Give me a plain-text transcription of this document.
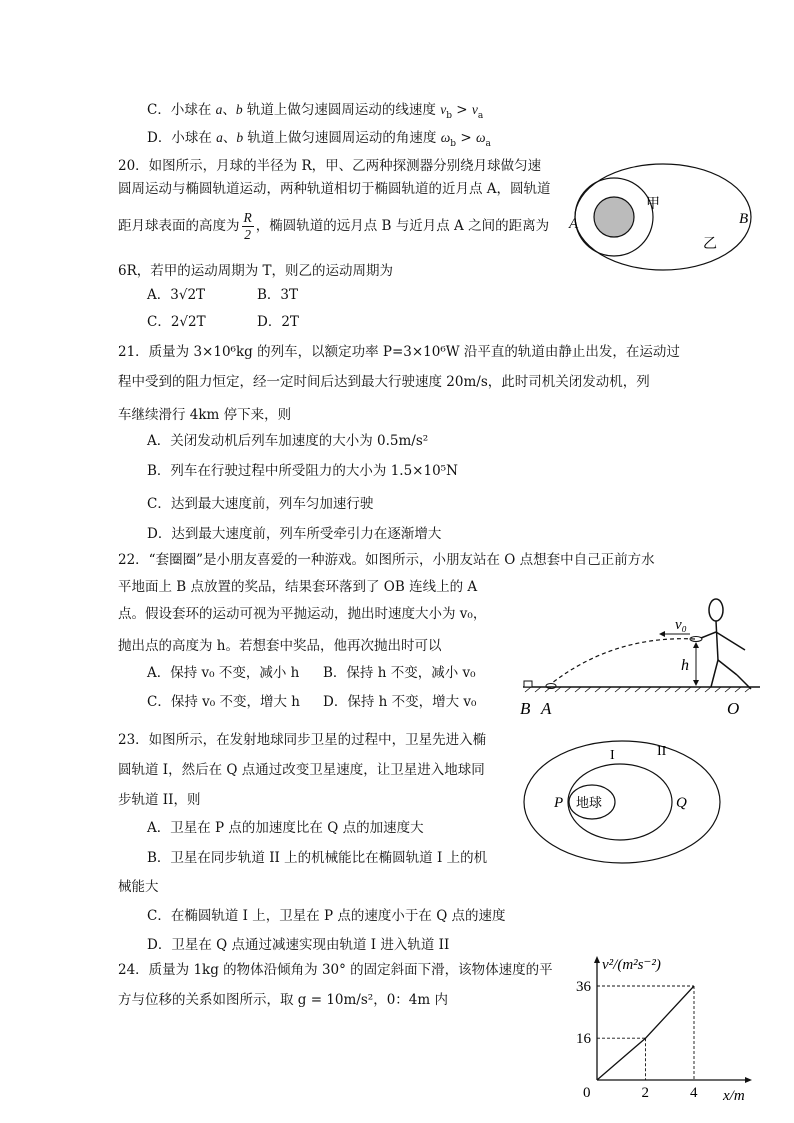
C．小球在 a、b 轨道上做匀速圆周运动的线速度 $v_b > v_a$
D．小球在 a、b 轨道上做匀速圆周运动的角速度 $\omega_b > \omega_a$
20．如图所示，月球的半径为 R，甲、乙两种探测器分别绕月球做匀速
圆周运动与椭圆轨道运动，两种轨道相切于椭圆轨道的近月点 A，圆轨道
距月球表面的高度为 $\frac{R}{2}$ ，椭圆轨道的远月点 B 与近月点 A 之间的距离为
6R，若甲的运动周期为 T，则乙的运动周期为
A．3√2T	B．3T
C．2√2T	D．2T
A	B
甲
乙
21．质量为 3×10⁶kg 的列车，以额定功率 P=3×10⁶W 沿平直的轨道由静止出发，在运动过
程中受到的阻力恒定，经一定时间后达到最大行驶速度 20m/s，此时司机关闭发动机，列
车继续滑行 4km 停下来，则
A．关闭发动机后列车加速度的大小为 0.5m/s²
B．列车在行驶过程中所受阻力的大小为 1.5×10⁵N
C．达到最大速度前，列车匀加速行驶
D．达到最大速度前，列车所受牵引力在逐渐增大
22．“套圈圈”是小朋友喜爱的一种游戏。如图所示，小朋友站在 O 点想套中自己正前方水
平地面上 B 点放置的奖品，结果套环落到了 OB 连线上的 A
点。假设套环的运动可视为平抛运动，抛出时速度大小为 v₀，
抛出点的高度为 h。若想套中奖品，他再次抛出时可以
A．保持 v₀ 不变，减小 h B．保持 h 不变，减小 v₀
C．保持 v₀ 不变，增大 h D．保持 h 不变，增大 v₀
v₀
h
B A	O
23．如图所示，在发射地球同步卫星的过程中，卫星先进入椭
圆轨道 I，然后在 Q 点通过改变卫星速度，让卫星进入地球同
步轨道 II，则
A．卫星在 P 点的加速度比在 Q 点的加速度大
B．卫星在同步轨道 II 上的机械能比在椭圆轨道 I 上的机
械能大
C．在椭圆轨道 I 上，卫星在 P 点的速度小于在 Q 点的速度
D．卫星在 Q 点通过减速实现由轨道 I 进入轨道 II
地球
I	II
P	Q
24．质量为 1kg 的物体沿倾角为 30° 的固定斜面下滑，该物体速度的平
方与位移的关系如图所示，取 g = 10m/s²，0：4m 内
0	2	4
16
36
x/m
v²/(m²s⁻²)
